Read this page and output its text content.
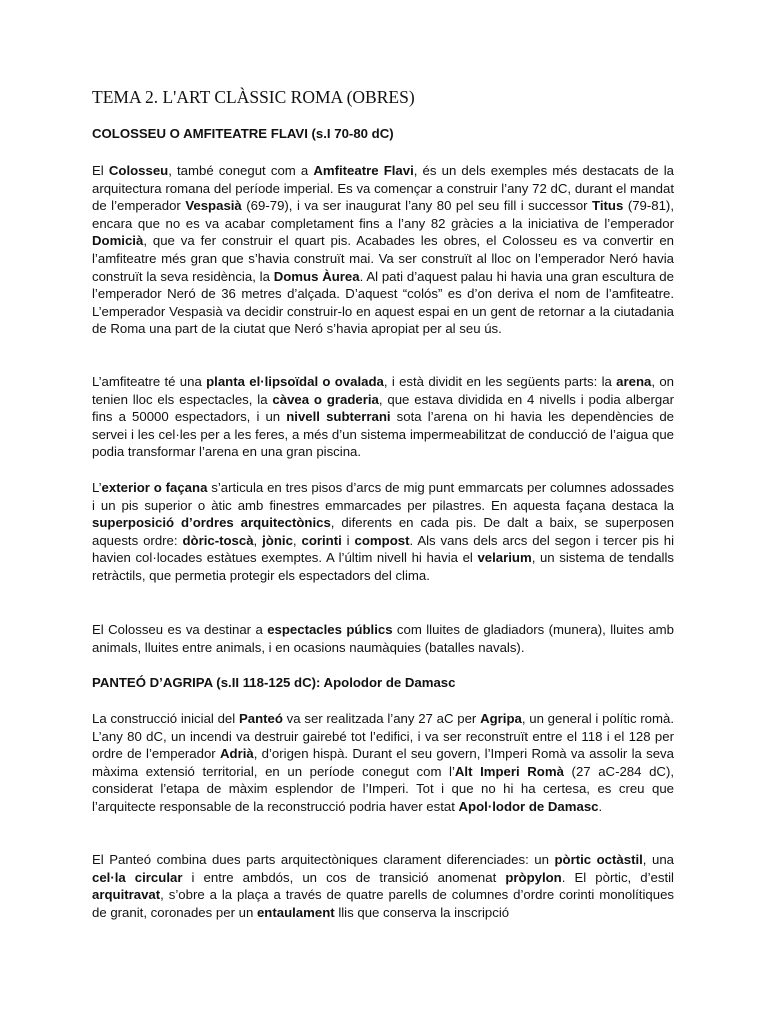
TEMA 2. L'ART CLÀSSIC ROMA (OBRES)
COLOSSEU O AMFITEATRE FLAVI (s.I 70-80 dC)

El Colosseu, també conegut com a Amfiteatre Flavi, és un dels exemples més destacats de la arquitectura romana del període imperial. Es va començar a construir l’any 72 dC, durant el mandat de l’emperador Vespasià (69-79), i va ser inaugurat l’any 80 pel seu fill i successor Titus (79-81), encara que no es va acabar completament fins a l’any 82 gràcies a la iniciativa de l’emperador Domicià, que va fer construir el quart pis. Acabades les obres, el Colosseu es va convertir en l’amfiteatre més gran que s’havia construït mai. Va ser construït al lloc on l’emperador Neró havia construït la seva residència, la Domus Àurea. Al pati d’aquest palau hi havia una gran escultura de l’emperador Neró de 36 metres d’alçada. D’aquest “colós” es d’on deriva el nom de l’amfiteatre. L’emperador Vespasià va decidir construir-lo en aquest espai en un gent de retornar a la ciutadania de Roma una part de la ciutat que Neró s’havia apropiat per al seu ús.

L’amfiteatre té una planta el·lipsoïdal o ovalada, i està dividit en les següents parts: la arena, on tenien lloc els espectacles, la càvea o graderia, que estava dividida en 4 nivells i podia albergar fins a 50000 espectadors, i un nivell subterrani sota l’arena on hi havia les dependències de servei i les cel·les per a les feres, a més d’un sistema impermeabilitzat de conducció de l’aigua que podia transformar l’arena en una gran piscina.

L’exterior o façana s’articula en tres pisos d’arcs de mig punt emmarcats per columnes adossades i un pis superior o àtic amb finestres emmarcades per pilastres. En aquesta façana destaca la superposició d’ordres arquitectònics, diferents en cada pis. De dalt a baix, se superposen aquests ordre: dòric-toscà, jònic, corinti i compost. Als vans dels arcs del segon i tercer pis hi havien col·locades estàtues exemptes. A l’últim nivell hi havia el velarium, un sistema de tendalls retràctils, que permetia protegir els espectadors del clima.

El Colosseu es va destinar a espectacles públics com lluites de gladiadors (munera), lluites amb animals, lluites entre animals, i en ocasions naumàquies (batalles navals).

PANTEÓ D’AGRIPA (s.II 118-125 dC): Apolodor de Damasc

La construcció inicial del Panteó va ser realitzada l’any 27 aC per Agripa, un general i polític romà. L’any 80 dC, un incendi va destruir gairebé tot l’edifici, i va ser reconstruït entre el 118 i el 128 per ordre de l’emperador Adrià, d’origen hispà. Durant el seu govern, l’Imperi Romà va assolir la seva màxima extensió territorial, en un període conegut com l’Alt Imperi Romà (27 aC-284 dC), considerat l’etapa de màxim esplendor de l’Imperi. Tot i que no hi ha certesa, es creu que l’arquitecte responsable de la reconstrucció podria haver estat Apol·lodor de Damasc.

El Panteó combina dues parts arquitectòniques clarament diferenciades: un pòrtic octàstil, una cel·la circular i entre ambdós, un cos de transició anomenat pròpylon. El pòrtic, d’estil arquitravat, s’obre a la plaça a través de quatre parells de columnes d’ordre corinti monolítiques de granit, coronades per un entaulament llis que conserva la inscripció
